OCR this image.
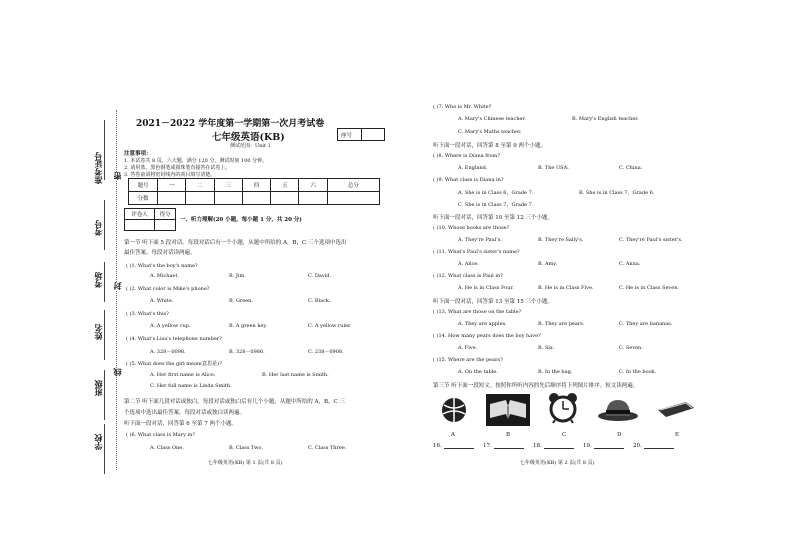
准考证号
考号
考场
姓名
班级
学校
密
封
线
2021－2022 学年度第一学期第一次月考试卷
七年级英语(KB)	座号
测试范围：Unit 1
注意事项：
1. 本试卷共 8 页，六大题，满分 120 分，测试时间 100 分钟。
2. 请用蓝、黑色钢笔或圆珠笔直接答在试卷上。
3. 答卷前请将密封线内的项目填写清楚。
题号	一	二	三	四	五	六	总分
分数							
评卷人	得分

一、听力理解(20 小题，每小题 1 分，共 20 分)
第一节 听下面 5 段对话。每段对话后有一个小题，从题中所给的 A，B，C 三个选项中选出
最佳答案。每段对话读两遍。
( )1. What's the boy's name?
A. Michael.	B. Jim.	C. David.
( )2. What color is Mike's phone?
A. White.	B. Green.	C. Black.
( )3. What's this?
A. A yellow cup.	B. A green key.	C. A yellow ruler.
( )4. What's Lisa's telephone number?
A. 328－0098.	B. 328－0980.	C. 238－0908.
( )5. What does the girl mean(意思是)?
A. Her first name is Alice.	B. Her last name is Smith.
C. Her full name is Linda Smith.
第二节 听下面几段对话或独白。每段对话或独白后有几个小题，从题中所给的 A，B，C 三
个选项中选出最佳答案。每段对话或独白读两遍。
听下面一段对话，回答第 6 至第 7 两个小题。
( )6. What class is Mary in?
A. Class One.	B. Class Two.	C. Class Three.
七年级英语(KB) 第 1 页(共 8 页)
( )7. Who is Mr. White?
A. Mary's Chinese teacher.	B. Mary's English teacher.
C. Mary's Maths teacher.
听下面一段对话，回答第 8 至第 9 两个小题。
( )8. Where is Diana from?
A. England.	B. The USA.	C. China.
( )9. What class is Diana in?
A. She is in Class 6，Grade 7.	B. She is in Class 7，Grade 6.
C. She is in Class 7，Grade 7.
听下面一段对话，回答第 10 至第 12 三个小题。
( )10. Whose books are those?
A. They're Paul's.	B. They're Sally's.	C. They're Paul's sister's.
( )11. What's Paul's sister's name?
A. Alice.	B. Amy.	C. Anna.
( )12. What class is Paul in?
A. He is in Class Four.	B. He is in Class Five.	C. He is in Class Seven.
听下面一段对话，回答第 13 至第 15 三个小题。
( )13. What are those on the table?
A. They are apples.	B. They are pears.	C. They are bananas.
( )14. How many pears does the boy have?
A. Five.	B. Six.	C. Seven.
( )15. Where are the pears?
A. On the table.	B. In the bag.	C. In the book.
第三节 听下面一段短文。按照你所听内容的先后顺序将下列图片排序。短文读两遍。
A	B	C	D	E
16.	17.	18.	19.	20.
七年级英语(KB) 第 2 页(共 8 页)
